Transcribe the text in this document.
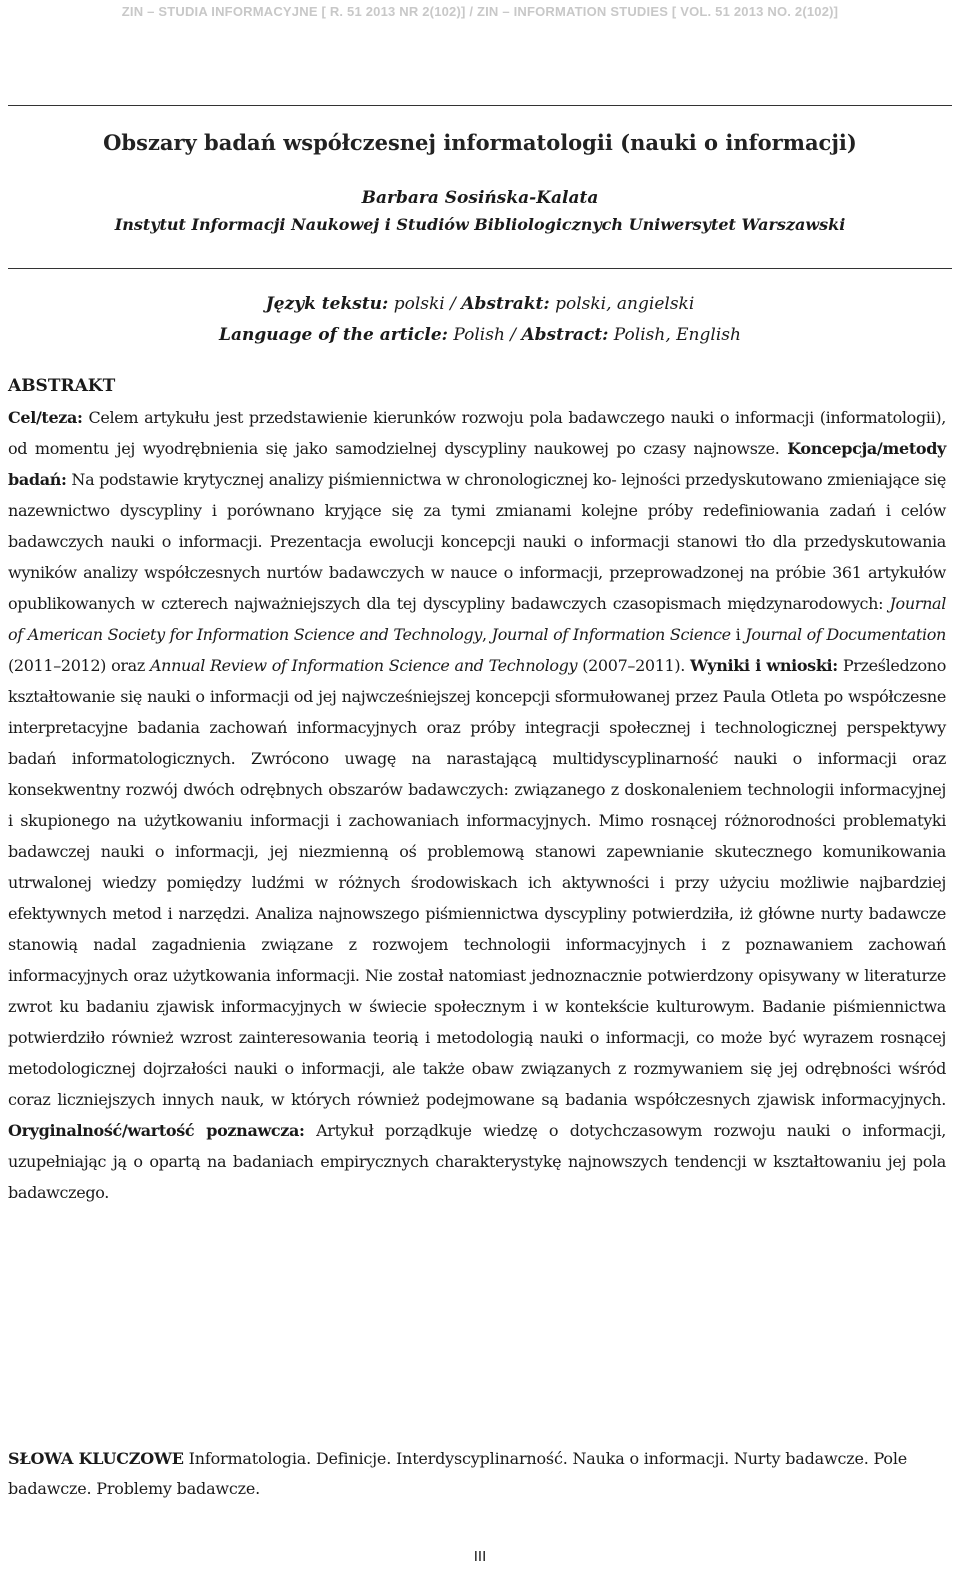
ZIN – STUDIA INFORMACYJNE [ R. 51 2013 NR 2(102)] / ZIN – INFORMATION STUDIES [ VOL. 51 2013 NO. 2(102)]
Obszary badań współczesnej informatologii (nauki o informacji)
Barbara Sosińska-Kalata
Instytut Informacji Naukowej i Studiów Bibliologicznych Uniwersytet Warszawski
Język tekstu: polski / Abstrakt: polski, angielski
Language of the article: Polish / Abstract: Polish, English
ABSTRAKT

Cel/teza: Celem artykułu jest przedstawienie kierunków rozwoju pola badawczego nauki o informacji (informatologii), od momentu jej wyodrębnienia się jako samodzielnej dyscypliny naukowej po czasy najnowsze. Koncepcja/metody badań: Na podstawie krytycznej analizy piśmiennictwa w chronologicznej ko- lejności przedyskutowano zmieniające się nazewnictwo dyscypliny i porównano kryjące się za tymi zmianami kolejne próby redefiniowania zadań i celów badawczych nauki o informacji. Prezentacja ewolucji koncepcji nauki o informacji stanowi tło dla przedyskutowania wyników analizy współczesnych nurtów badawczych w nauce o informacji, przeprowadzonej na próbie 361 artykułów opublikowanych w czterech najważniejszych dla tej dyscypliny badawczych czasopismach międzynarodowych: Journal of American Society for Information Science and Technology, Journal of Information Science i Journal of Documentation (2011–2012) oraz Annual Review of Information Science and Technology (2007–2011). Wyniki i wnioski: Prześledzono kształtowanie się nauki o informacji od jej najwcześniejszej koncepcji sformułowanej przez Paula Otleta po współczesne interpretacyjne badania zachowań informacyjnych oraz próby integracji społecznej i technologicznej perspektywy badań informatologicznych. Zwrócono uwagę na narastającą multidyscyplinarność nauki o informacji oraz konsekwentny rozwój dwóch odrębnych obszarów badawczych: związanego z doskonaleniem technologii informacyjnej i skupionego na użytkowaniu informacji i zachowaniach informacyjnych. Mimo rosnącej różnorodności problematyki badawczej nauki o informacji, jej niezmienną oś problemową stanowi zapewnianie skutecznego komunikowania utrwalonej wiedzy pomiędzy ludźmi w różnych środowiskach ich aktywności i przy użyciu możliwie najbardziej efektywnych metod i narzędzi. Analiza najnowszego piśmiennictwa dyscypliny potwierdziła, iż główne nurty badawcze stanowią nadal zagadnienia związane z rozwojem technologii informacyjnych i z poznawaniem zachowań informacyjnych oraz użytkowania informacji. Nie został natomiast jednoznacznie potwierdzony opisywany w literaturze zwrot ku badaniu zjawisk informacyjnych w świecie społecznym i w kontekście kulturowym. Badanie piśmiennictwa potwierdziło również wzrost zainteresowania teorią i metodologią nauki o informacji, co może być wyrazem rosnącej metodologicznej dojrzałości nauki o informacji, ale także obaw związanych z rozmywaniem się jej odrębności wśród coraz liczniejszych innych nauk, w których również podejmowane są badania współczesnych zjawisk informacyjnych. Oryginalność/wartość poznawcza: Artykuł porządkuje wiedzę o dotychczasowym rozwoju nauki o informacji, uzupełniając ją o opartą na badaniach empirycznych charakterystykę najnowszych tendencji w kształtowaniu jej pola badawczego.

SŁOWA KLUCZOWE Informatologia. Definicje. Interdyscyplinarność. Nauka o informacji. Nurty badawcze. Pole badawcze. Problemy badawcze.

III
